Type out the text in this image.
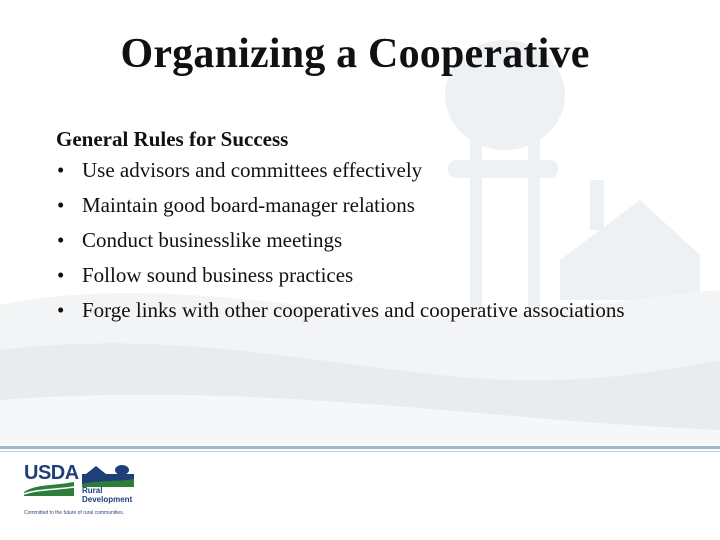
Organizing a Cooperative
General Rules for Success
• Use advisors and committees effectively
• Maintain good board-manager relations
• Conduct businesslike meetings
• Follow sound business practices
• Forge links with other cooperatives and cooperative associations
USDA
Rural
Development
Committed to the future of rural communities.
